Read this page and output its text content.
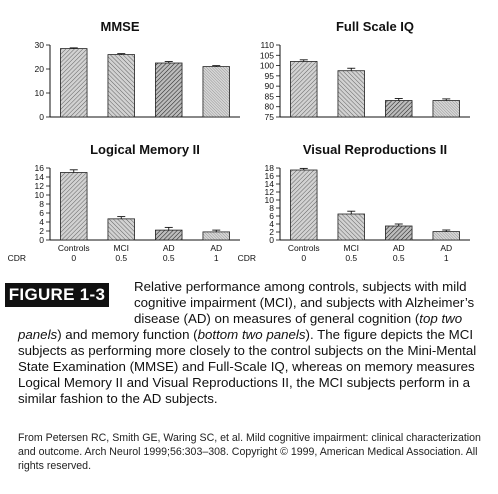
MMSE
0
10
20
30
Full Scale IQ
75
80
85
90
95
100
105
110
Logical Memory II
0
2
4
6
8
10
12
14
16
Controls
0
MCI
0.5
AD
0.5
AD
1
CDR
Visual Reproductions II
0
2
4
6
8
10
12
14
16
18
Controls
0
MCI
0.5
AD
0.5
AD
1
CDR
FIGURE 1-3	Relative performance among controls, subjects with mild cognitive impairment (MCI), and subjects with Alzheimer’s disease (AD) on measures of general cognition (top two panels) and memory function (bottom two panels). The figure depicts the MCI subjects as performing more closely to the control subjects on the Mini-Mental State Examination (MMSE) and Full-Scale IQ, whereas on memory measures Logical Memory II and Visual Reproductions II, the MCI subjects perform in a similar fashion to the AD subjects.
From Petersen RC, Smith GE, Waring SC, et al. Mild cognitive impairment: clinical characterization and outcome. Arch Neurol 1999;56:303–308. Copyright © 1999, American Medical Association. All rights reserved.
